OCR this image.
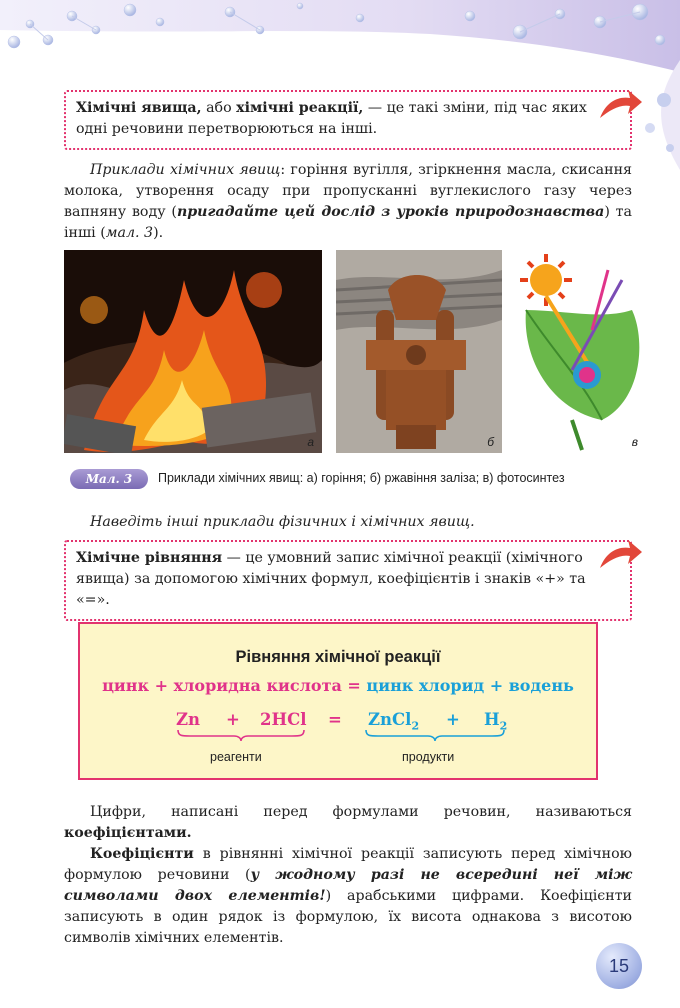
Хімічні явища, або хімічні реакції, — це такі зміни, під час яких одні речовини перетворюються на інші.

Приклади хімічних явищ: горіння вугілля, згіркнення масла, скисання молока, утворення осаду при пропусканні вуглекислого газу через вапняну воду (пригадайте цей дослід з уроків природознавства) та інші (мал. 3).

а	б	в
Мал. 3	Приклади хімічних явищ: а) горіння; б) ржавіння заліза; в) фотосинтез

Наведіть інші приклади фізичних і хімічних явищ.

Хімічне рівняння — це умовний запис хімічної реакції (хімічного явища) за допомогою хімічних формул, коефіцієнтів і знаків «+» та «=».
Рівняння хімічної реакції
цинк + хлоридна кислота = цинк хлорид + водень
Zn + 2HCl = ZnCl$_2$ + $H_2$
реагенти	продукти

Цифри, написані перед формулами речовин, називаються коефіцієнтами.

Коефіцієнти в рівнянні хімічної реакції записують перед хімічною формулою речовини (у жодному разі не всередині неї між символами двох елементів!) арабськими цифрами. Коефіцієнти записують в один рядок із формулою, їх висота однакова з висотою символів хімічних елементів.

15
